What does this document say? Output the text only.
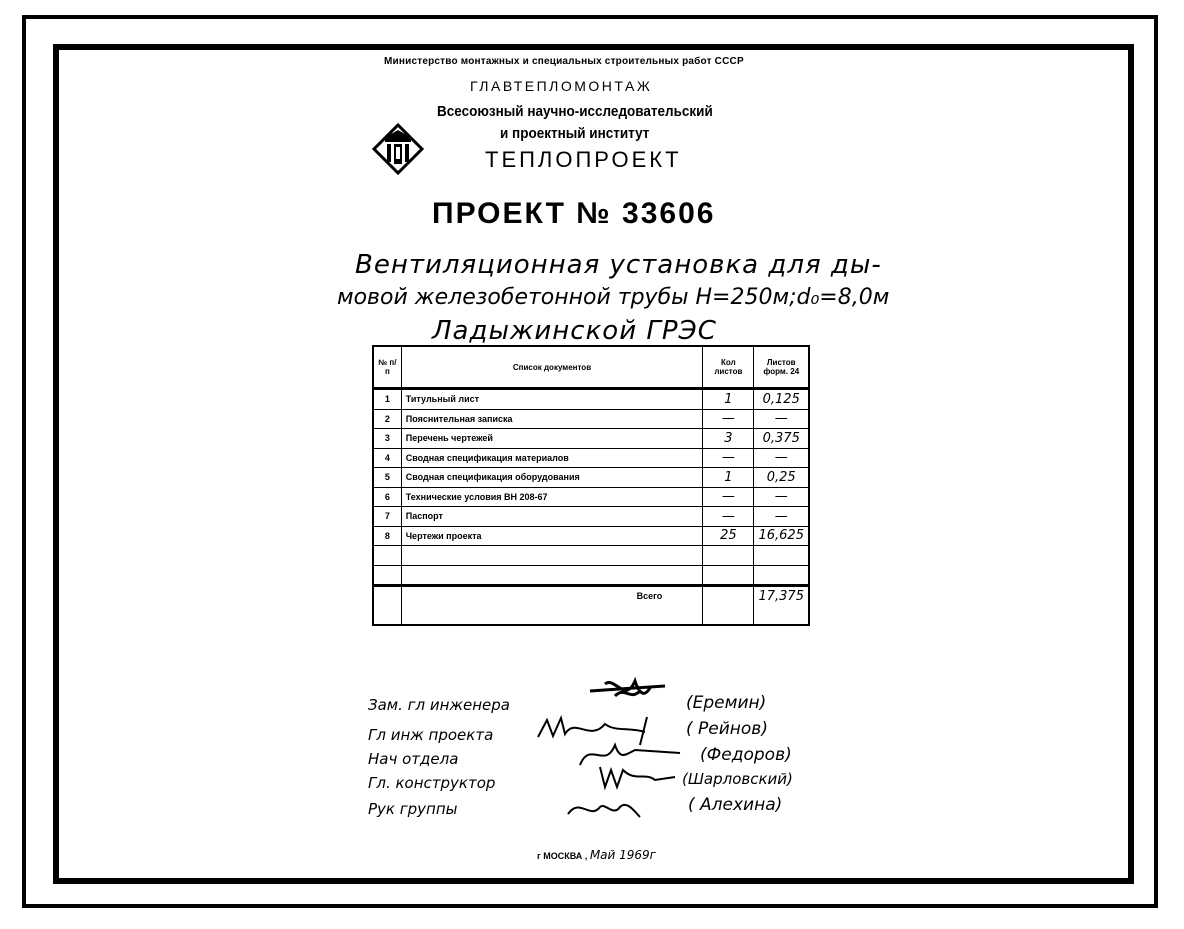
Министерство монтажных и специальных строительных работ СССР
ГЛАВТЕПЛОМОНТАЖ
Всесоюзный научно-исследовательский
и проектный институт
ТЕПЛОПРОЕКТ
ПРОЕКТ № 33606
Вентиляционная установка для ды-
мовой железобетонной трубы H=250м;d₀=8,0м
Ладыжинской ГРЭС
№ п/п	Список документов	Кол листов	Листов форм. 24
1	Титульный лист	1	0,125
2	Пояснительная записка	—	—
3	Перечень чертежей	3	0,375
4	Сводная спецификация материалов	—	—
5	Сводная спецификация оборудования	1	0,25
6	Технические условия ВН 208-67	—	—
7	Паспорт	—	—
8	Чертежи проекта	25	16,625

	Всего		17,375

Зам. гл инженера
Гл инж проекта
Нач отдела
Гл. конструктор
Рук группы
(Еремин)
( Рейнов)
(Федоров)
(Шарловский)
( Алехина)
г МОСКВА , Май 1969г
